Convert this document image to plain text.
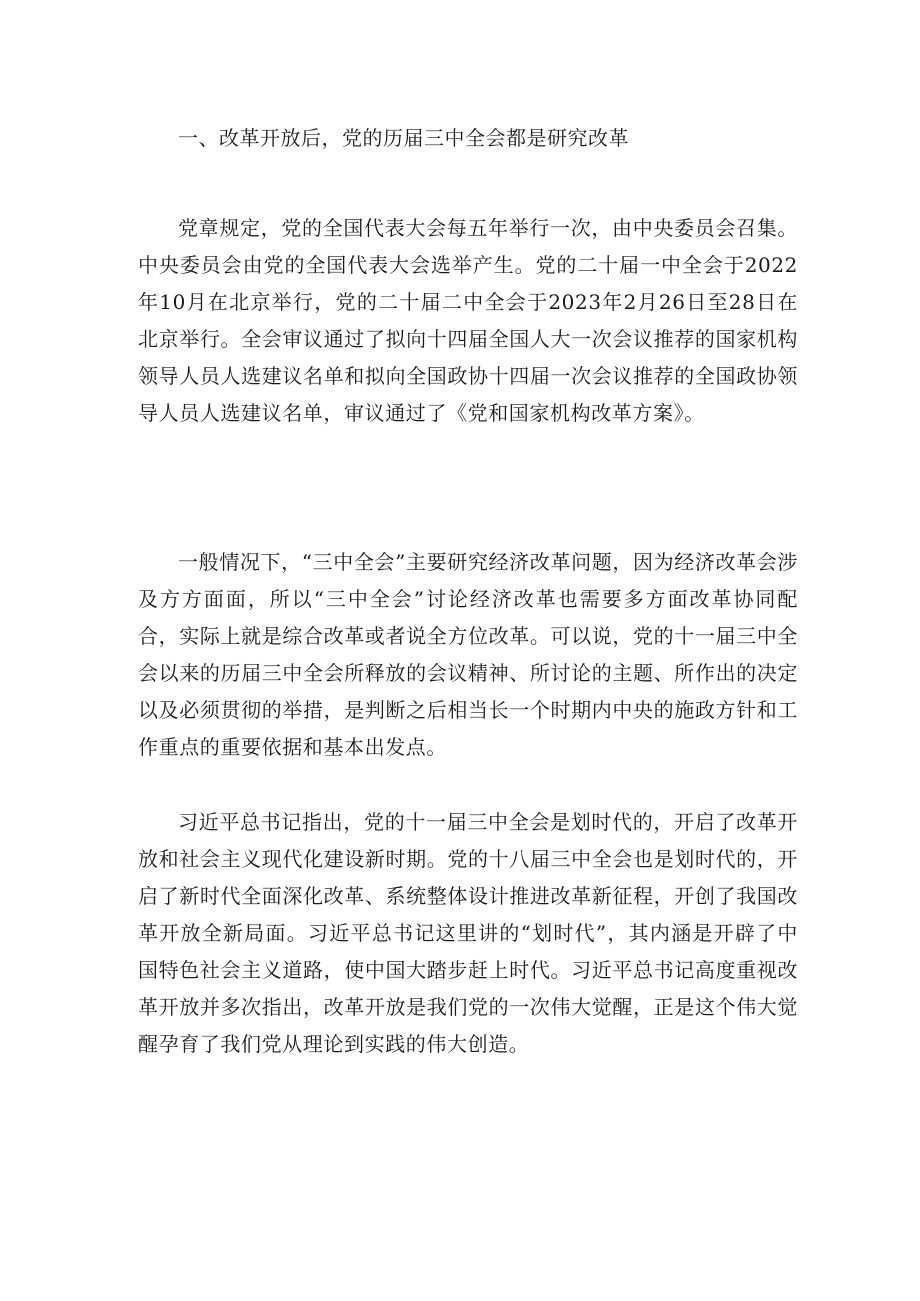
一、改革开放后，党的历届三中全会都是研究改革

党章规定，党的全国代表大会每五年举行一次，由中央委员会召集。中央委员会由党的全国代表大会选举产生。党的二十届一中全会于2022年10月在北京举行，党的二十届二中全会于2023年2月26日至28日在北京举行。全会审议通过了拟向十四届全国人大一次会议推荐的国家机构领导人员人选建议名单和拟向全国政协十四届一次会议推荐的全国政协领导人员人选建议名单，审议通过了《党和国家机构改革方案》。

一般情况下，“三中全会”主要研究经济改革问题，因为经济改革会涉及方方面面，所以“三中全会”讨论经济改革也需要多方面改革协同配合，实际上就是综合改革或者说全方位改革。可以说，党的十一届三中全会以来的历届三中全会所释放的会议精神、所讨论的主题、所作出的决定以及必须贯彻的举措，是判断之后相当长一个时期内中央的施政方针和工作重点的重要依据和基本出发点。

习近平总书记指出，党的十一届三中全会是划时代的，开启了改革开放和社会主义现代化建设新时期。党的十八届三中全会也是划时代的，开启了新时代全面深化改革、系统整体设计推进改革新征程，开创了我国改革开放全新局面。习近平总书记这里讲的“划时代”，其内涵是开辟了中国特色社会主义道路，使中国大踏步赶上时代。习近平总书记高度重视改革开放并多次指出，改革开放是我们党的一次伟大觉醒，正是这个伟大觉醒孕育了我们党从理论到实践的伟大创造。
